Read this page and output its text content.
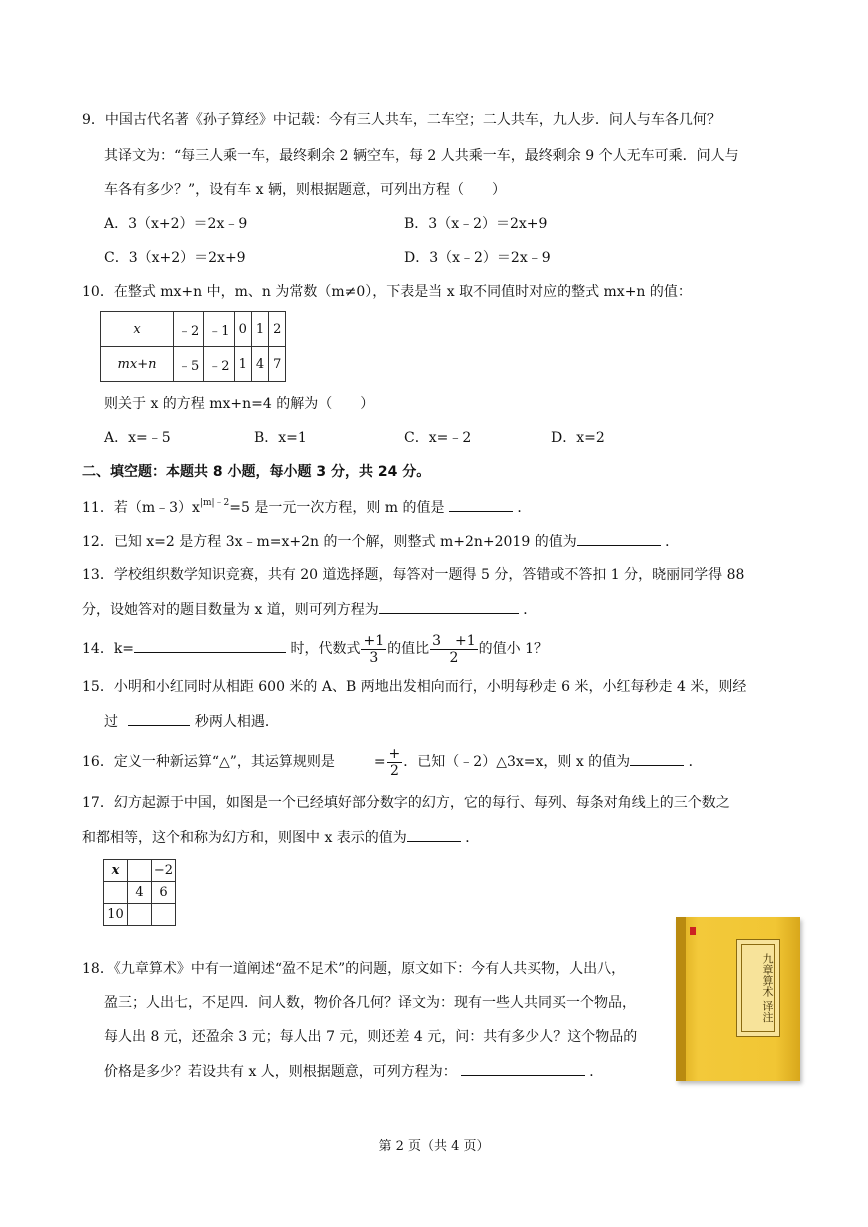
9．中国古代名著《孙子算经》中记载：今有三人共车，二车空；二人共车，九人步．问人与车各几何？
其译文为：“每三人乘一车，最终剩余 2 辆空车，每 2 人共乘一车，最终剩余 9 个人无车可乘．问人与
车各有多少？”，设有车 x 辆，则根据题意，可列出方程（　　）
A．3（x+2）＝2x﹣9	B．3（x﹣2）＝2x+9
C．3（x+2）＝2x+9	D．3（x﹣2）＝2x﹣9
10．在整式 mx+n 中，m、n 为常数（m≠0），下表是当 x 取不同值时对应的整式 mx+n 的值：
x	﹣2	﹣1	0	1	2
mx+n	﹣5	﹣2	1	4	7
则关于 x 的方程 mx+n=4 的解为（　　）
A．x=﹣5	B．x=1	C．x=﹣2	D．x=2
二、填空题：本题共 8 小题，每小题 3 分，共 24 分。
11．若$(m﹣3)x^{|m|﹣2}=5$ 是一元一次方程，则 m 的值是	．
12．已知 x=2 是方程 3x﹣m=x+2n 的一个解，则整式 m+2n+2019 的值为	．
13．学校组织数学知识竞赛，共有 20 道选择题，每答对一题得 5 分，答错或不答扣 1 分，晓丽同学得 88
分，设她答对的题目数量为 x 道，则可列方程为	．
14．k=	时，代数式 $\frac{+1}{3}$ 的值比 $\frac{3 +1}{2}$ 的值小 1？
15．小明和小红同时从相距 600 米的 A、B 两地出发相向而行，小明每秒走 6 米，小红每秒走 4 米，则经
过	秒两人相遇．
16．定义一种新运算“△”，其运算规则是	= $\frac{+}{2}$ ．已知（﹣2）△3x=x，则 x 的值为	．
17．幻方起源于中国，如图是一个已经填好部分数字的幻方，它的每行、每列、每条对角线上的三个数之
和都相等，这个和称为幻方和，则图中 x 表示的值为	．
x		−2
	4	6
10		
18．《九章算术》中有一道阐述“盈不足术”的问题，原文如下：今有人共买物，人出八，
盈三；人出七，不足四．问人数，物价各几何？译文为：现有一些人共同买一个物品，
每人出 8 元，还盈余 3 元；每人出 7 元，则还差 4 元，问：共有多少人？这个物品的
价格是多少？若设共有 x 人，则根据题意，可列方程为：	．
九章算术 译注
第 2 页（共 4 页）
